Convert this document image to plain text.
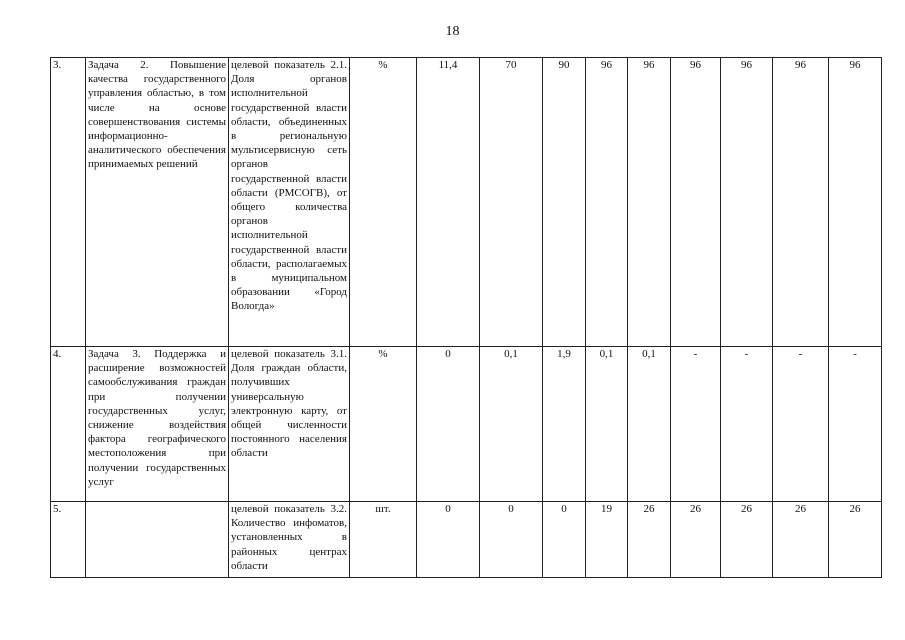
18
3.	Задача 2. Повышение качества государственного управления областью, в том числе на основе совершенствования системы информационно-аналитического обеспечения принимаемых решений	целевой показатель 2.1. Доля органов исполнительной государственной власти области, объединенных в региональную мультисервисную сеть органов государственной власти области (РМСОГВ), от общего количества органов исполнительной государственной власти области, располагаемых в муниципальном образовании «Город Вологда»	%	11,4	70	90	96	96	96	96	96	96
4.	Задача 3. Поддержка и расширение возможностей самообслуживания граждан при получении государственных услуг, снижение воздействия фактора географического местоположения при получении государственных услуг	целевой показатель 3.1. Доля граждан области, получивших универсальную электронную карту, от общей численности постоянного населения области	%	0	0,1	1,9	0,1	0,1	-	-	-	-
5.		целевой показатель 3.2. Количество инфоматов, установленных в районных центрах области	шт.	0	0	0	19	26	26	26	26	26
